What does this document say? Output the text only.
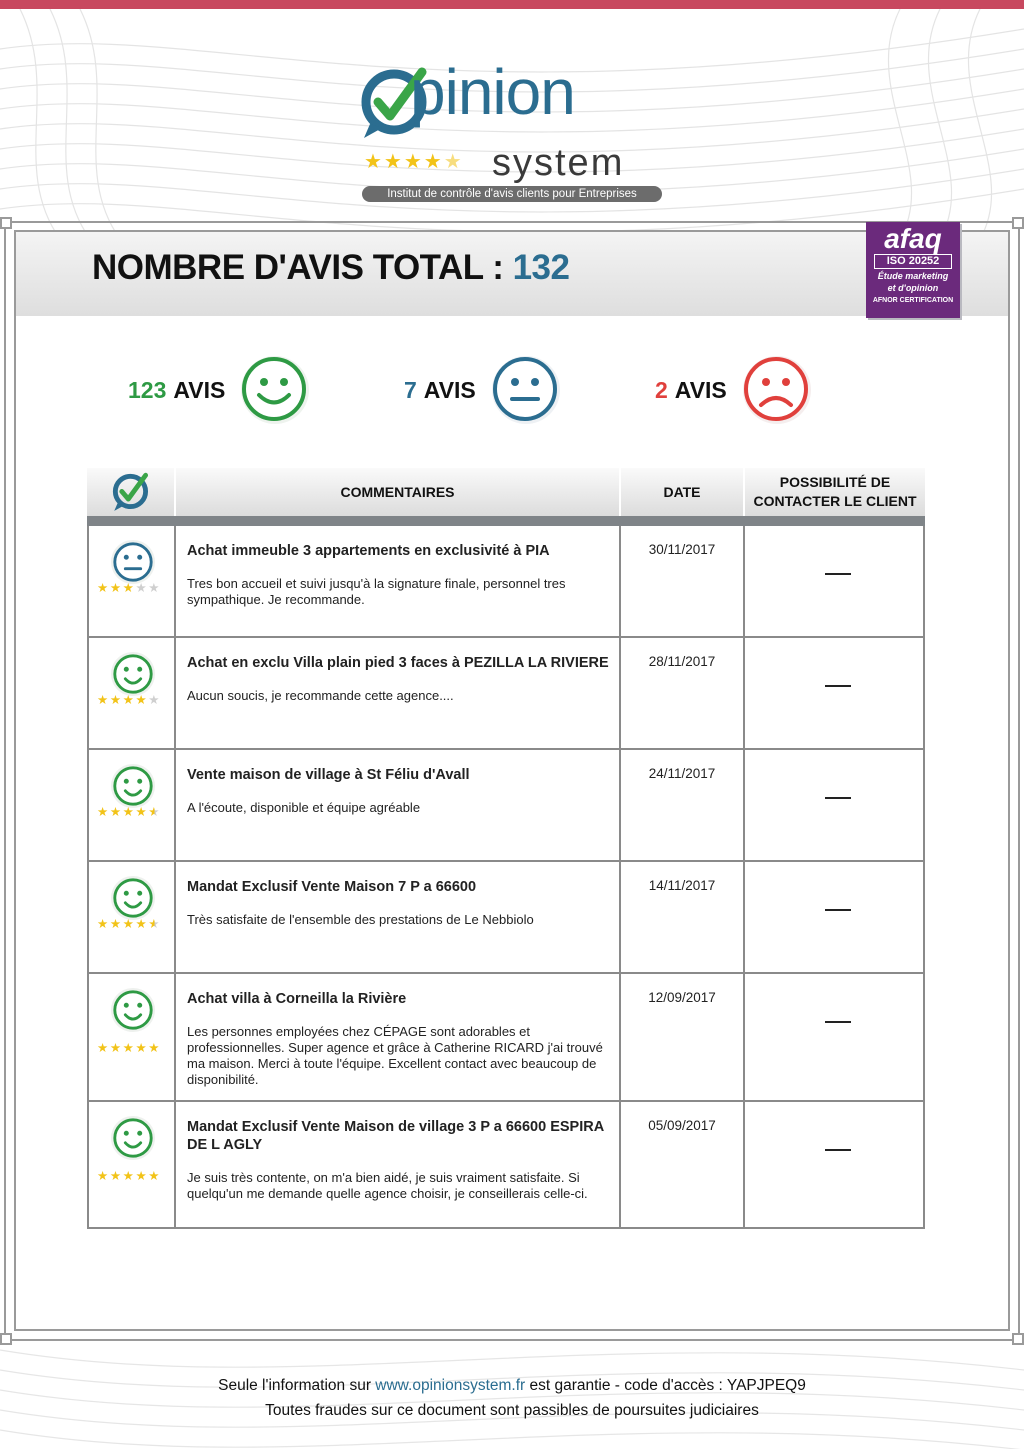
pinion
★★★★★ system
Institut de contrôle d'avis clients pour Entreprises
NOMBRE D'AVIS TOTAL : 132
afaq
ISO 20252
Étude marketing
et d'opinion
AFNOR CERTIFICATION
123 AVIS	7 AVIS	2 AVIS
COMMENTAIRES	DATE
POSSIBILITÉ DE
CONTACTER LE CLIENT
★★★★★
Achat immeuble 3 appartements en exclusivité à PIA
Tres bon accueil et suivi jusqu'à la signature finale, personnel tres sympathique. Je recommande.
30/11/2017
★★★★★
Achat en exclu Villa plain pied 3 faces à PEZILLA LA RIVIERE
Aucun soucis, je recommande cette agence....
28/11/2017
★★★★★
Vente maison de village à St Féliu d'Avall
A l'écoute, disponible et équipe agréable
24/11/2017
★★★★★
Mandat Exclusif Vente Maison 7 P a 66600
Très satisfaite de l'ensemble des prestations de Le Nebbiolo
14/11/2017
★★★★★
Achat villa à Corneilla la Rivière
Les personnes employées chez CÉPAGE sont adorables et professionnelles. Super agence et grâce à Catherine RICARD j'ai trouvé ma maison. Merci à toute l'équipe. Excellent contact avec beaucoup de disponibilité.
12/09/2017
★★★★★
Mandat Exclusif Vente Maison de village 3 P a 66600 ESPIRA DE L AGLY
Je suis très contente, on m'a bien aidé, je suis vraiment satisfaite. Si quelqu'un me demande quelle agence choisir, je conseillerais celle-ci.
05/09/2017
Seule l'information sur www.opinionsystem.fr est garantie - code d'accès : YAPJPEQ9
Toutes fraudes sur ce document sont passibles de poursuites judiciaires
